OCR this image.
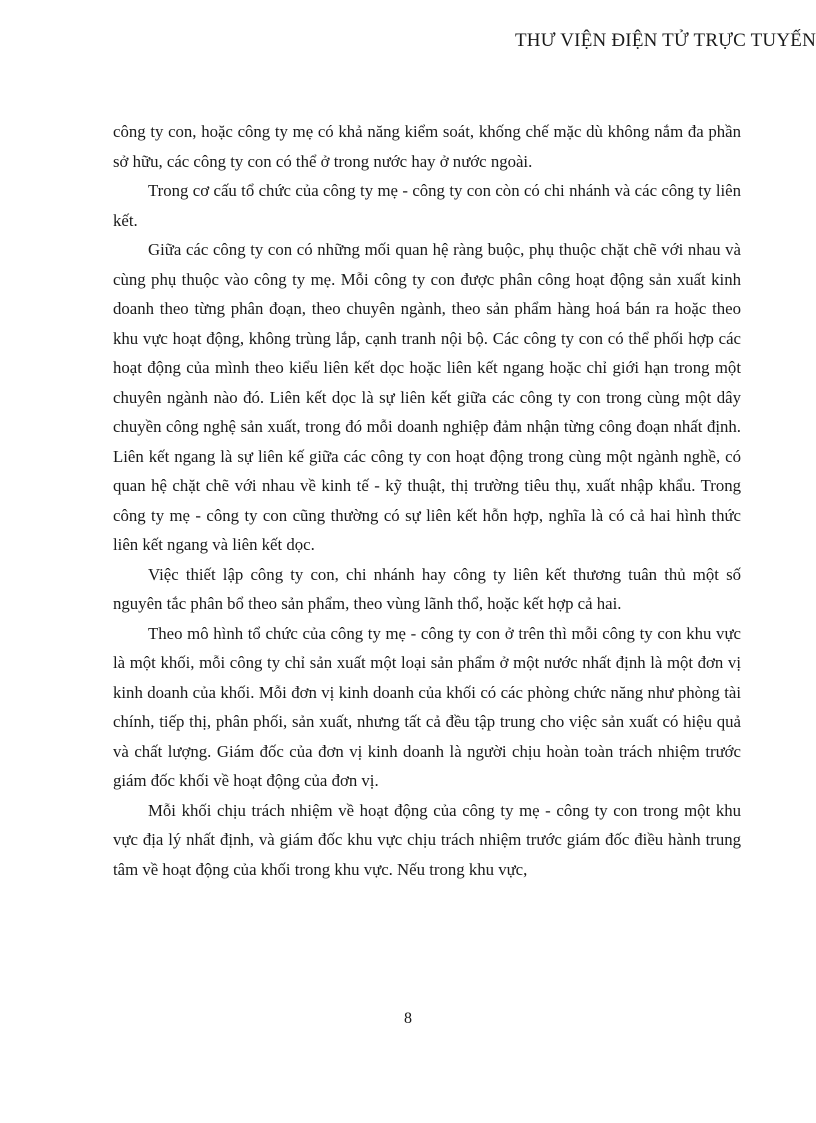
THƯ VIỆN ĐIỆN TỬ TRỰC TUYẾN

công ty con, hoặc công ty mẹ có khả năng kiểm soát, khống chế mặc dù không nắm đa phần sở hữu, các công ty con có thể ở trong nước hay ở nước ngoài.

Trong cơ cấu tổ chức của công ty mẹ - công ty con còn có chi nhánh và các công ty liên kết.

Giữa các công ty con có những mối quan hệ ràng buộc, phụ thuộc chặt chẽ với nhau và cùng phụ thuộc vào công ty mẹ. Mỗi công ty con được phân công hoạt động sản xuất kinh doanh theo từng phân đoạn, theo chuyên ngành, theo sản phẩm hàng hoá bán ra hoặc theo khu vực hoạt động, không trùng lắp, cạnh tranh nội bộ. Các công ty con có thể phối hợp các hoạt động của mình theo kiểu liên kết dọc hoặc liên kết ngang hoặc chỉ giới hạn trong một chuyên ngành nào đó. Liên kết dọc là sự liên kết giữa các công ty con trong cùng một dây chuyền công nghệ sản xuất, trong đó mỗi doanh nghiệp đảm nhận từng công đoạn nhất định. Liên kết ngang là sự liên kế giữa các công ty con hoạt động trong cùng một ngành nghề, có quan hệ chặt chẽ với nhau về kinh tế - kỹ thuật, thị trường tiêu thụ, xuất nhập khẩu. Trong công ty mẹ - công ty con cũng thường có sự liên kết hỗn hợp, nghĩa là có cả hai hình thức liên kết ngang và liên kết dọc.

Việc thiết lập công ty con, chi nhánh hay công ty liên kết thương tuân thủ một số nguyên tắc phân bổ theo sản phẩm, theo vùng lãnh thổ, hoặc kết hợp cả hai.

Theo mô hình tổ chức của công ty mẹ - công ty con ở trên thì mỗi công ty con khu vực là một khối, mỗi công ty chỉ sản xuất một loại sản phẩm ở một nước nhất định là một đơn vị kinh doanh của khối. Mỗi đơn vị kinh doanh của khối có các phòng chức năng như phòng tài chính, tiếp thị, phân phối, sản xuất, nhưng tất cả đều tập trung cho việc sản xuất có hiệu quả và chất lượng. Giám đốc của đơn vị kinh doanh là người chịu hoàn toàn trách nhiệm trước giám đốc khối về hoạt động của đơn vị.

Mỗi khối chịu trách nhiệm về hoạt động của công ty mẹ - công ty con trong một khu vực địa lý nhất định, và giám đốc khu vực chịu trách nhiệm trước giám đốc điều hành trung tâm về hoạt động của khối trong khu vực. Nếu trong khu vực,

8
